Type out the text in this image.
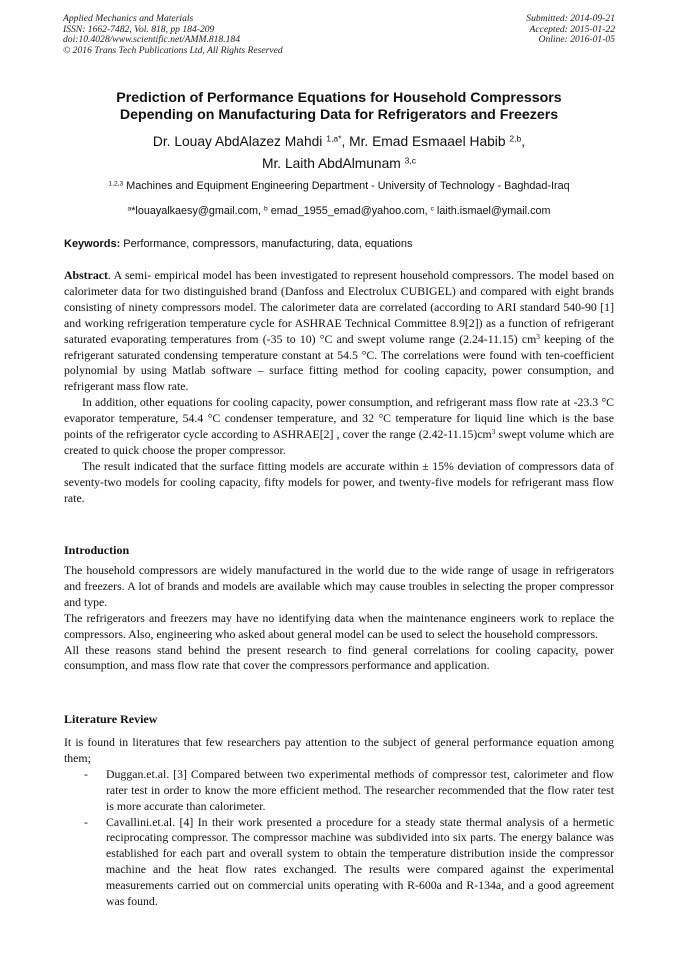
Applied Mechanics and Materials
ISSN: 1662-7482, Vol. 818, pp 184-209
doi:10.4028/www.scientific.net/AMM.818.184
© 2016 Trans Tech Publications Ltd, All Rights Reserved
Submitted: 2014-09-21
Accepted: 2015-01-22
Online: 2016-01-05
Prediction of Performance Equations for Household Compressors
Depending on Manufacturing Data for Refrigerators and Freezers
Dr. Louay AbdAlazez Mahdi $^{1,a*}$, Mr. Emad Esmaael Habib $^{2,b}$,
Mr. Laith AbdAlmunam $^{3,c}$
$^{1,2,3}$ Machines and Equipment Engineering Department - University of Technology - Baghdad-Iraq
$^a$*louayalkaesy@gmail.com, $^b$ emad_1955_emad@yahoo.com, $^c$ laith.ismael@ymail.com
Keywords: Performance, compressors, manufacturing, data, equations

Abstract. A semi- empirical model has been investigated to represent household compressors. The model based on calorimeter data for two distinguished brand (Danfoss and Electrolux CUBIGEL) and compared with eight brands consisting of ninety compressors model. The calorimeter data are correlated (according to ARI standard 540-90 [1] and working refrigeration temperature cycle for ASHRAE Technical Committee 8.9[2]) as a function of refrigerant saturated evaporating temperatures from (-35 to 10) °C and swept volume range (2.24-11.15) $cm^3$ keeping of the refrigerant saturated condensing temperature constant at 54.5 °C. The correlations were found with ten-coefficient polynomial by using Matlab software – surface fitting method for cooling capacity, power consumption, and refrigerant mass flow rate.

In addition, other equations for cooling capacity, power consumption, and refrigerant mass flow rate at -23.3 °C evaporator temperature, 54.4 °C condenser temperature, and 32 °C temperature for liquid line which is the base points of the refrigerator cycle according to ASHRAE[2] , cover the range $(2.42-11.15)cm^3$ swept volume which are created to quick choose the proper compressor.

The result indicated that the surface fitting models are accurate within ± 15% deviation of compressors data of seventy-two models for cooling capacity, fifty models for power, and twenty-five models for refrigerant mass flow rate.

Introduction

The household compressors are widely manufactured in the world due to the wide range of usage in refrigerators and freezers. A lot of brands and models are available which may cause troubles in selecting the proper compressor and type.

The refrigerators and freezers may have no identifying data when the maintenance engineers work to replace the compressors. Also, engineering who asked about general model can be used to select the household compressors.

All these reasons stand behind the present research to find general correlations for cooling capacity, power consumption, and mass flow rate that cover the compressors performance and application.

Literature Review

It is found in literatures that few researchers pay attention to the subject of general performance equation among them;

- Duggan.et.al. [3] Compared between two experimental methods of compressor test, calorimeter and flow rater test in order to know the more efficient method. The researcher recommended that the flow rater test is more accurate than calorimeter.
- Cavallini.et.al. [4] In their work presented a procedure for a steady state thermal analysis of a hermetic reciprocating compressor. The compressor machine was subdivided into six parts. The energy balance was established for each part and overall system to obtain the temperature distribution inside the compressor machine and the heat flow rates exchanged. The results were compared against the experimental measurements carried out on commercial units operating with R-600a and R-134a, and a good agreement was found.
